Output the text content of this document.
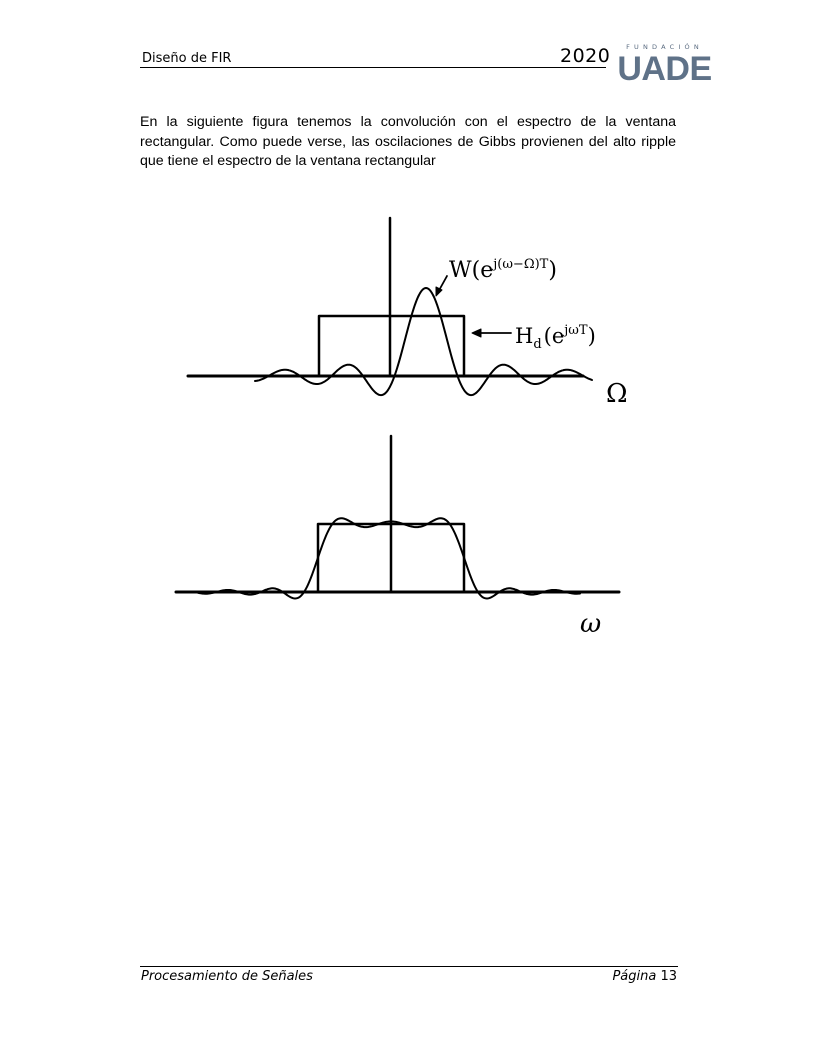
Diseño de FIR	2020	FUNDACIÓN
UADE

En la siguiente figura tenemos la convolución con el espectro de la ventana rectangular. Como puede verse, las oscilaciones de Gibbs provienen del alto ripple que tiene el espectro de la ventana rectangular

$W(e^{j(\omega-\Omega)T})$
$H_d(e^{j\omega T})$
Ω
ω
Procesamiento de Señales	Página 13
